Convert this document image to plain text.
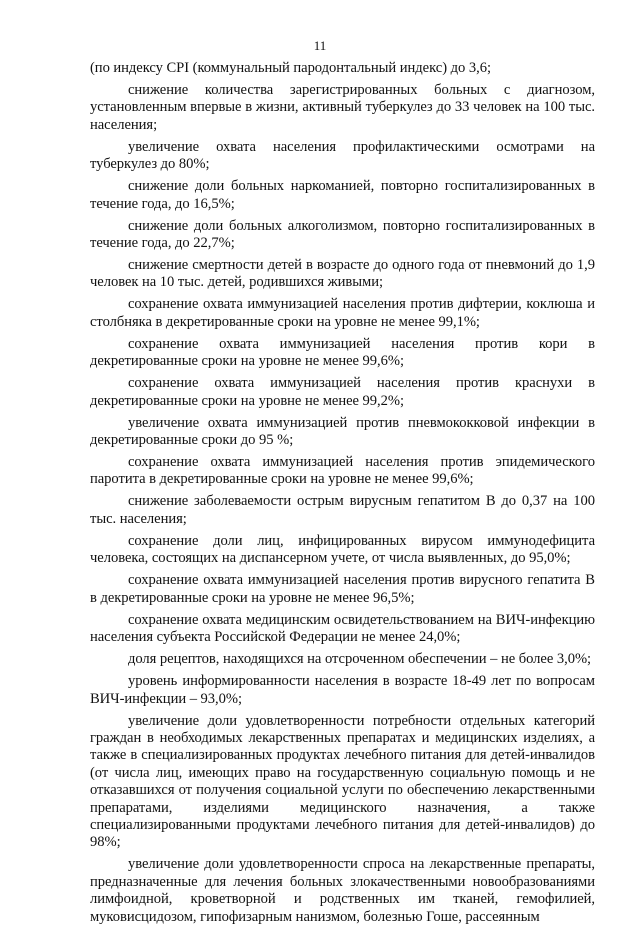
11

(по индексу CPI (коммунальный пародонтальный индекс) до 3,6;

снижение количества зарегистрированных больных с диагнозом, установленным впервые в жизни, активный туберкулез до 33 человек на 100 тыс. населения;

увеличение охвата населения профилактическими осмотрами на туберкулез до 80%;

снижение доли больных наркоманией, повторно госпитализированных в течение года, до 16,5%;

снижение доли больных алкоголизмом, повторно госпитализированных в течение года, до 22,7%;

снижение смертности детей в возрасте до одного года от пневмоний до 1,9 человек на 10 тыс. детей, родившихся живыми;

сохранение охвата иммунизацией населения против дифтерии, коклюша и столбняка в декретированные сроки на уровне не менее 99,1%;

сохранение охвата иммунизацией населения против кори в декретированные сроки на уровне не менее 99,6%;

сохранение охвата иммунизацией населения против краснухи в декретированные сроки на уровне не менее 99,2%;

увеличение охвата иммунизацией против пневмококковой инфекции в декретированные сроки до 95 %;

сохранение охвата иммунизацией населения против эпидемического паротита в декретированные сроки на уровне не менее 99,6%;

снижение заболеваемости острым вирусным гепатитом В до 0,37 на 100 тыс. населения;

сохранение доли лиц, инфицированных вирусом иммунодефицита человека, состоящих на диспансерном учете, от числа выявленных, до 95,0%;

сохранение охвата иммунизацией населения против вирусного гепатита В в декретированные сроки на уровне не менее 96,5%;

сохранение охвата медицинским освидетельствованием на ВИЧ-инфекцию населения субъекта Российской Федерации не менее 24,0%;

доля рецептов, находящихся на отсроченном обеспечении – не более 3,0%;

уровень информированности населения в возрасте 18-49 лет по вопросам ВИЧ-инфекции – 93,0%;

увеличение доли удовлетворенности потребности отдельных категорий граждан в необходимых лекарственных препаратах и медицинских изделиях, а также в специализированных продуктах лечебного питания для детей-инвалидов (от числа лиц, имеющих право на государственную социальную помощь и не отказавшихся от получения социальной услуги по обеспечению лекарственными препаратами, изделиями медицинского назначения, а также специализированными продуктами лечебного питания для детей-инвалидов) до 98%;

увеличение доли удовлетворенности спроса на лекарственные препараты, предназначенные для лечения больных злокачественными новообразованиями лимфоидной, кроветворной и родственных им тканей, гемофилией, муковисцидозом, гипофизарным нанизмом, болезнью Гоше, рассеянным
